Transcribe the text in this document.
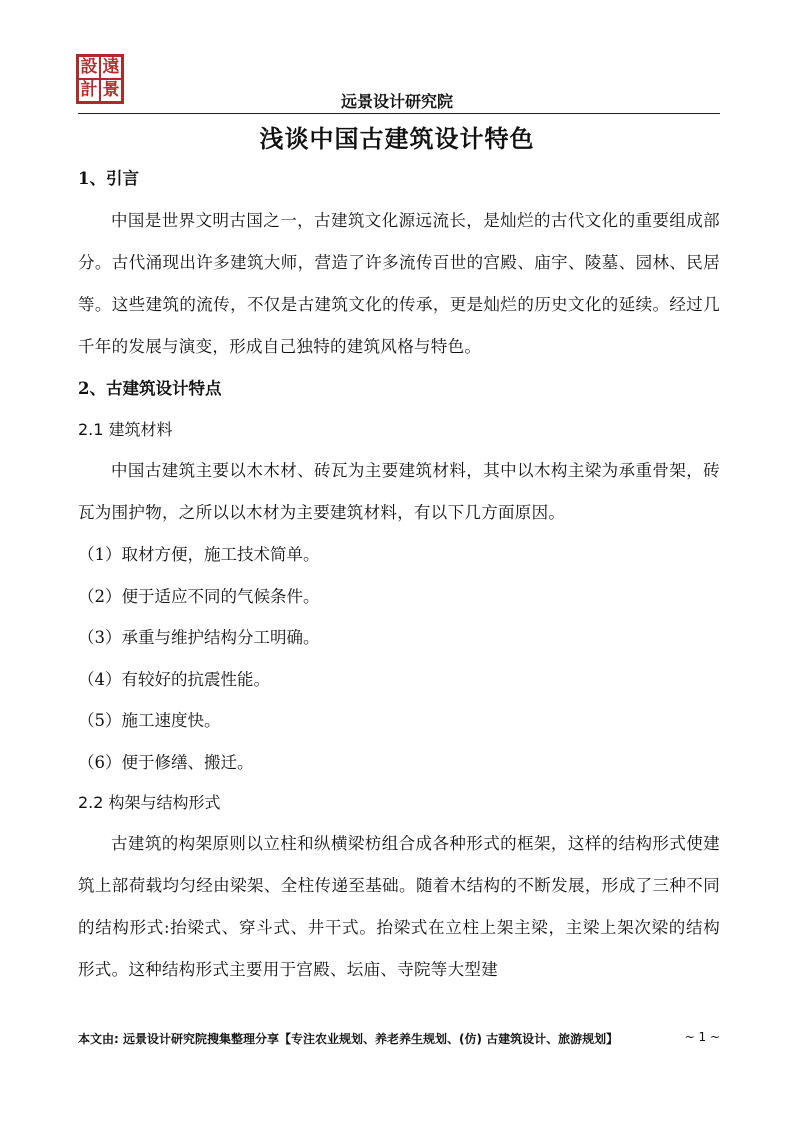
設 遠
計 景
远景设计研究院
浅谈中国古建筑设计特色
1、引言
中国是世界文明古国之一，古建筑文化源远流长，是灿烂的古代文化的重要组成部分。古代涌现出许多建筑大师，营造了许多流传百世的宫殿、庙宇、陵墓、园林、民居等。这些建筑的流传，不仅是古建筑文化的传承，更是灿烂的历史文化的延续。经过几千年的发展与演变，形成自己独特的建筑风格与特色。
2、古建筑设计特点
2.1 建筑材料
中国古建筑主要以木木材、砖瓦为主要建筑材料，其中以木构主梁为承重骨架，砖瓦为围护物，之所以以木材为主要建筑材料，有以下几方面原因。
（1）取材方便，施工技术简单。
（2）便于适应不同的气候条件。
（3）承重与维护结构分工明确。
（4）有较好的抗震性能。
（5）施工速度快。
（6）便于修缮、搬迁。
2.2 构架与结构形式
古建筑的构架原则以立柱和纵横梁枋组合成各种形式的框架，这样的结构形式使建筑上部荷载均匀经由梁架、全柱传递至基础。随着木结构的不断发展，形成了三种不同的结构形式:抬梁式、穿斗式、井干式。抬梁式在立柱上架主梁，主梁上架次梁的结构形式。这种结构形式主要用于宫殿、坛庙、寺院等大型建
本文由: 远景设计研究院搜集整理分享【专注农业规划、养老养生规划、(仿) 古建筑设计、旅游规划】	~ 1 ~
